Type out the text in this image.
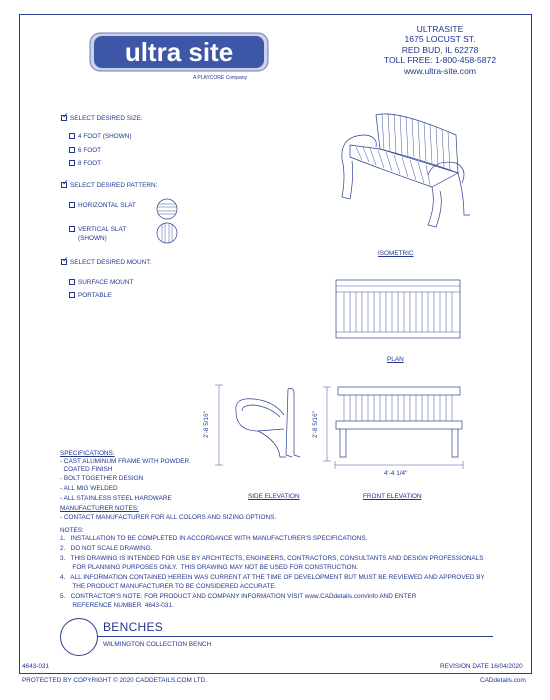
ultra site
A PLAYCORE Company
ULTRASITE
1675 LOCUST ST.
RED BUD, IL 62278
TOLL FREE: 1-800-458-5872
www.ultra-site.com
✓SELECT DESIRED SIZE:
4 FOOT (SHOWN)
6 FOOT
8 FOOT
✓SELECT DESIRED PATTERN:
HORIZONTAL SLAT
VERTICAL SLAT
(SHOWN)
✓SELECT DESIRED MOUNT:
SURFACE MOUNT
PORTABLE
ISOMETRIC
PLAN
2'-8 5/16"
SIDE ELEVATION
2'-8 5/16"
4'-4 1/4"
FRONT ELEVATION
SPECIFICATIONS:
- CAST ALUMINUM FRAME WITH POWDER
COATED FINISH
- BOLT TOGETHER DESIGN
- ALL MIG WELDED
- ALL STAINLESS STEEL HARDWARE
MANUFACTURER NOTES:
- CONTACT MANUFACTURER FOR ALL COLORS AND SIZING OPTIONS.
NOTES:
1.   INSTALLATION TO BE COMPLETED IN ACCORDANCE WITH MANUFACTURER'S SPECIFICATIONS.
2.   DO NOT SCALE DRAWING.
3.   THIS DRAWING IS INTENDED FOR USE BY ARCHITECTS, ENGINEERS, CONTRACTORS, CONSULTANTS AND DESIGN PROFESSIONALS
FOR PLANNING PURPOSES ONLY.  THIS DRAWING MAY NOT BE USED FOR CONSTRUCTION.
4.   ALL INFORMATION CONTAINED HEREIN WAS CURRENT AT THE TIME OF DEVELOPMENT BUT MUST BE REVIEWED AND APPROVED BY
THE PRODUCT MANUFACTURER TO BE CONSIDERED ACCURATE.
5.   CONTRACTOR'S NOTE: FOR PRODUCT AND COMPANY INFORMATION VISIT www.CADdetails.com/info AND ENTER
REFERENCE NUMBER  4643-031.
BENCHES
WILMINGTON COLLECTION BENCH
4643-031	REVISION DATE 16/04/2020
PROTECTED BY COPYRIGHT © 2020 CADDETAILS.COM LTD.	CADdetails.com
